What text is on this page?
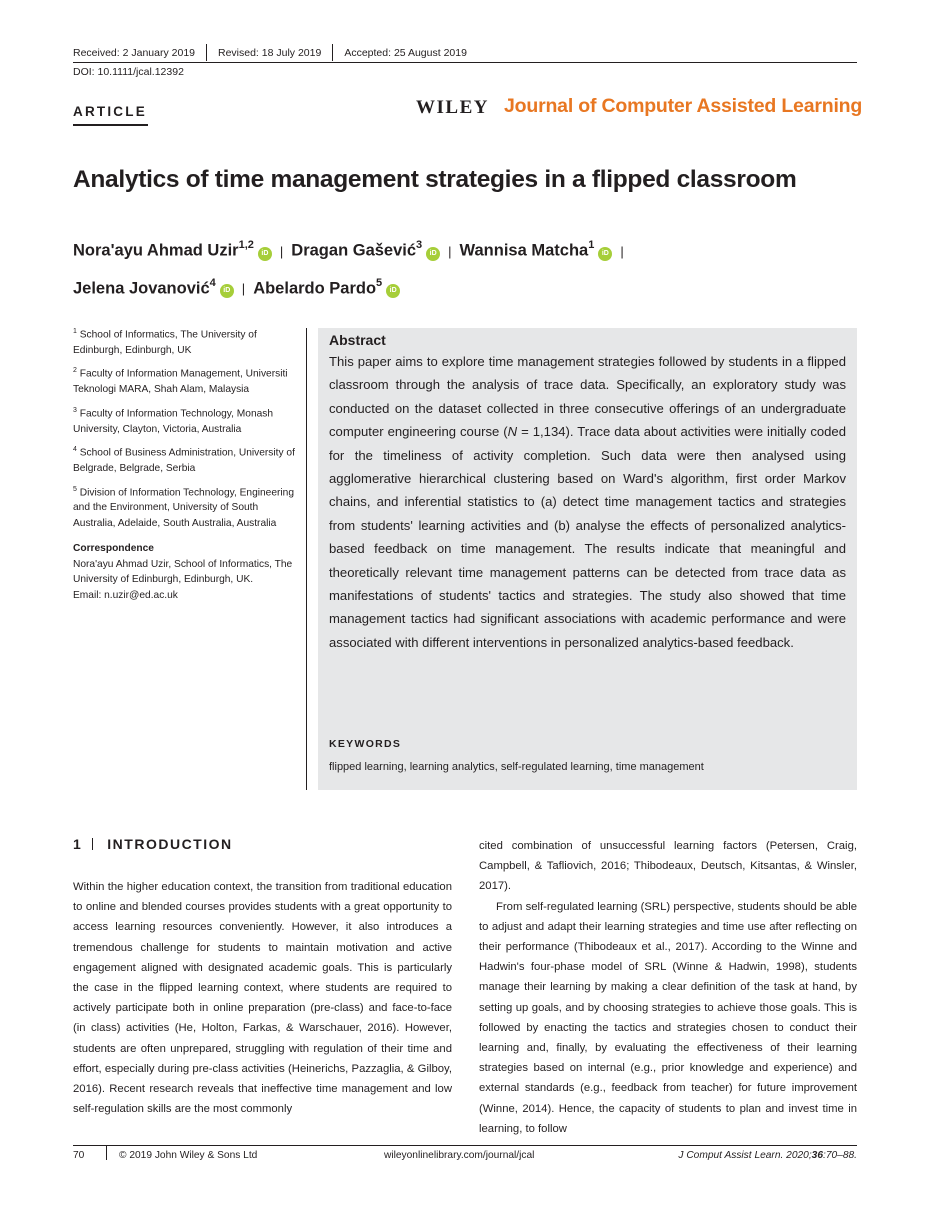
Received: 2 January 2019	Revised: 18 July 2019	Accepted: 25 August 2019
DOI: 10.1111/jcal.12392
ARTICLE	WILEY Journal of Computer Assisted Learning
Analytics of time management strategies in a flipped classroom
Nora'ayu Ahmad Uzir$^{1,2}$iD | Dragan Gašević$^3$iD | Wannisa Matcha$^1$iD |
Jelena Jovanović$^4$iD | Abelardo Pardo$^5$iD

$^1$ School of Informatics, The University of Edinburgh, Edinburgh, UK

$^2$ Faculty of Information Management, Universiti Teknologi MARA, Shah Alam, Malaysia

$^3$ Faculty of Information Technology, Monash University, Clayton, Victoria, Australia

$^4$ School of Business Administration, University of Belgrade, Belgrade, Serbia

$^5$ Division of Information Technology, Engineering and the Environment, University of South Australia, Adelaide, South Australia, Australia

Correspondence
Nora'ayu Ahmad Uzir, School of Informatics, The University of Edinburgh, Edinburgh, UK.
Email: n.uzir@ed.ac.uk
Abstract
This paper aims to explore time management strategies followed by students in a flipped classroom through the analysis of trace data. Specifically, an exploratory study was conducted on the dataset collected in three consecutive offerings of an undergraduate computer engineering course (N = 1,134). Trace data about activities were initially coded for the timeliness of activity completion. Such data were then analysed using agglomerative hierarchical clustering based on Ward's algorithm, first order Markov chains, and inferential statistics to (a) detect time management tactics and strategies from students' learning activities and (b) analyse the effects of personalized analytics-based feedback on time management. The results indicate that meaningful and theoretically relevant time management patterns can be detected from trace data as manifestations of students' tactics and strategies. The study also showed that time management tactics had significant associations with academic performance and were associated with different interventions in personalized analytics-based feedback.
KEYWORDS
flipped learning, learning analytics, self-regulated learning, time management
1 INTRODUCTION

Within the higher education context, the transition from traditional education to online and blended courses provides students with a great opportunity to access learning resources conveniently. However, it also introduces a tremendous challenge for students to maintain motivation and active engagement aligned with designated academic goals. This is particularly the case in the flipped learning context, where students are required to actively participate both in online preparation (pre-class) and face-to-face (in class) activities (He, Holton, Farkas, & Warschauer, 2016). However, students are often unprepared, struggling with regulation of their time and effort, especially during pre-class activities (Heinerichs, Pazzaglia, & Gilboy, 2016). Recent research reveals that ineffective time management and low self-regulation skills are the most commonly

cited combination of unsuccessful learning factors (Petersen, Craig, Campbell, & Tafliovich, 2016; Thibodeaux, Deutsch, Kitsantas, & Winsler, 2017).

From self-regulated learning (SRL) perspective, students should be able to adjust and adapt their learning strategies and time use after reflecting on their performance (Thibodeaux et al., 2017). According to the Winne and Hadwin's four-phase model of SRL (Winne & Hadwin, 1998), students manage their learning by making a clear definition of the task at hand, by setting up goals, and by choosing strategies to achieve those goals. This is followed by enacting the tactics and strategies chosen to conduct their learning and, finally, by evaluating the effectiveness of their learning strategies based on internal (e.g., prior knowledge and experience) and external standards (e.g., feedback from teacher) for future improvement (Winne, 2014). Hence, the capacity of students to plan and invest time in learning, to follow

70	© 2019 John Wiley & Sons Ltd	wileyonlinelibrary.com/journal/jcal	J Comput Assist Learn. 2020;36:70–88.
